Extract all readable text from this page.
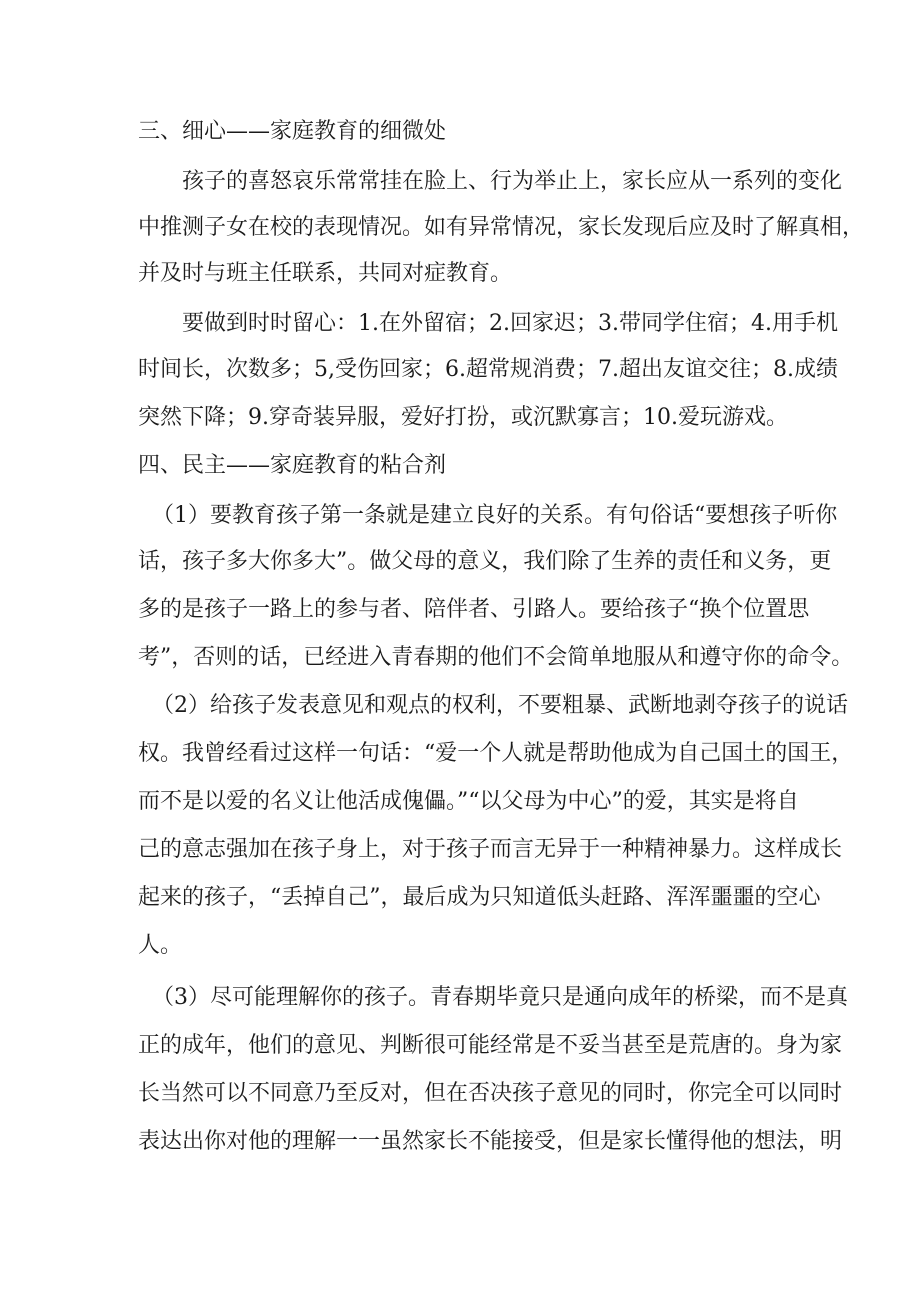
三、细心——家庭教育的细微处

孩子的喜怒哀乐常常挂在脸上、行为举止上，家长应从一系列的变化

中推测子女在校的表现情况。如有异常情况，家长发现后应及时了解真相，

并及时与班主任联系，共同对症教育。

要做到时时留心：1.在外留宿；2.回家迟；3.带同学住宿；4.用手机

时间长，次数多；5,受伤回家；6.超常规消费；7.超出友谊交往；8.成绩

突然下降；9.穿奇装异服，爱好打扮，或沉默寡言；10.爱玩游戏。

四、民主——家庭教育的粘合剂

（1）要教育孩子第一条就是建立良好的关系。有句俗话“要想孩子听你

话，孩子多大你多大”。做父母的意义，我们除了生养的责任和义务，更

多的是孩子一路上的参与者、陪伴者、引路人。要给孩子“换个位置思

考”，否则的话，已经进入青春期的他们不会简单地服从和遵守你的命令。

（2）给孩子发表意见和观点的权利，不要粗暴、武断地剥夺孩子的说话

权。我曾经看过这样一句话：“爱一个人就是帮助他成为自己国土的国王，

而不是以爱的名义让他活成傀儡。”“以父母为中心”的爱，其实是将自

己的意志强加在孩子身上，对于孩子而言无异于一种精神暴力。这样成长

起来的孩子，“丢掉自己”，最后成为只知道低头赶路、浑浑噩噩的空心

人。

（3）尽可能理解你的孩子。青春期毕竟只是通向成年的桥梁，而不是真

正的成年，他们的意见、判断很可能经常是不妥当甚至是荒唐的。身为家

长当然可以不同意乃至反对，但在否决孩子意见的同时，你完全可以同时

表达出你对他的理解一一虽然家长不能接受，但是家长懂得他的想法，明
